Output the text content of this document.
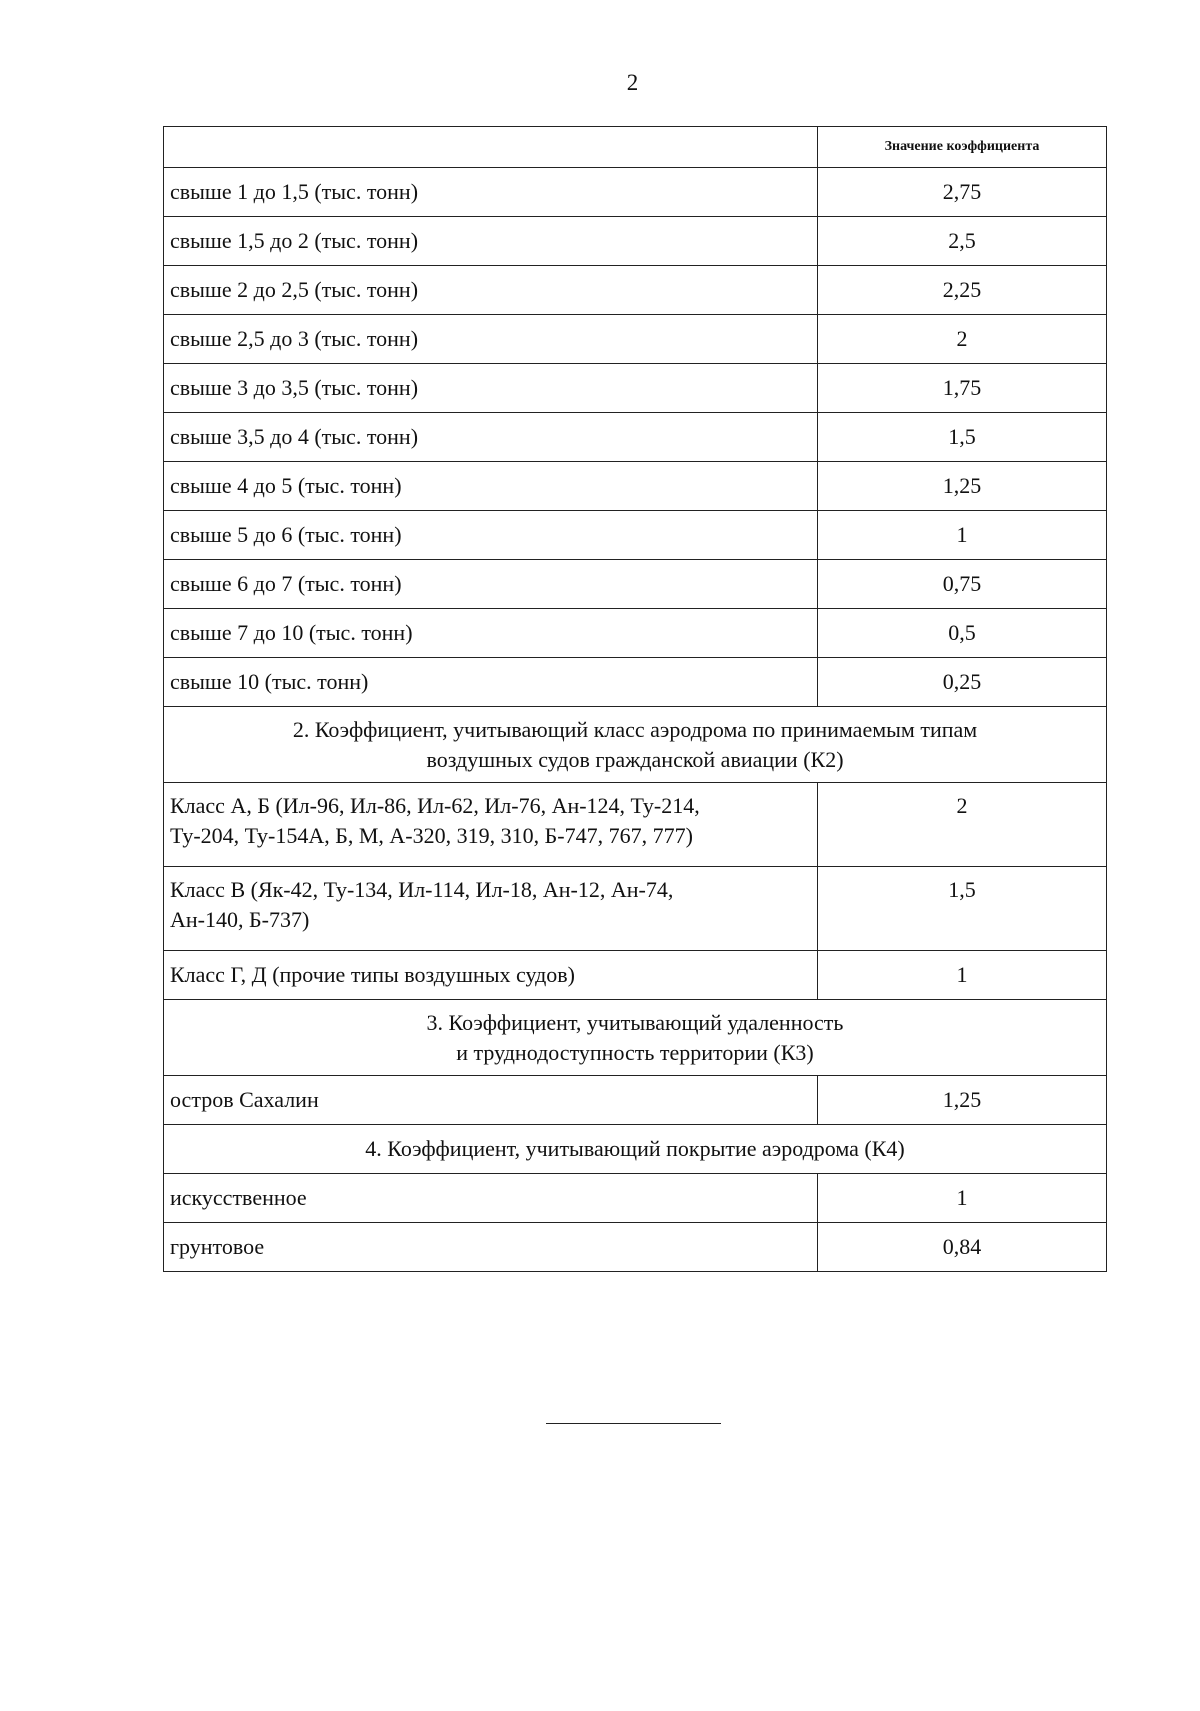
2
	Значение коэффициента
свыше 1 до 1,5 (тыс. тонн)	2,75
свыше 1,5 до 2 (тыс. тонн)	2,5
свыше 2 до 2,5 (тыс. тонн)	2,25
свыше 2,5 до 3 (тыс. тонн)	2
свыше 3 до 3,5 (тыс. тонн)	1,75
свыше 3,5 до 4 (тыс. тонн)	1,5
свыше 4 до 5 (тыс. тонн)	1,25
свыше 5 до 6 (тыс. тонн)	1
свыше 6 до 7 (тыс. тонн)	0,75
свыше 7 до 10 (тыс. тонн)	0,5
свыше 10 (тыс. тонн)	0,25

2. Коэффициент, учитывающий класс аэродрома по принимаемым типам
воздушных судов гражданской авиации (К2)	

Класс А, Б (Ил-96, Ил-86, Ил-62, Ил-76, Ан-124, Ту-214,
Ту-204, Ту-154А, Б, М, А-320, 319, 310, Б-747, 767, 777)	2

Класс В (Як-42, Ту-134, Ил-114, Ил-18, Ан-12, Ан-74,
Ан-140, Б-737)	1,5
Класс Г, Д (прочие типы воздушных судов)	1

3. Коэффициент, учитывающий удаленность
и труднодоступность территории (К3)	

остров Сахалин	1,25
4. Коэффициент, учитывающий покрытие аэродрома (К4)	
искусственное	1
грунтовое	0,84
